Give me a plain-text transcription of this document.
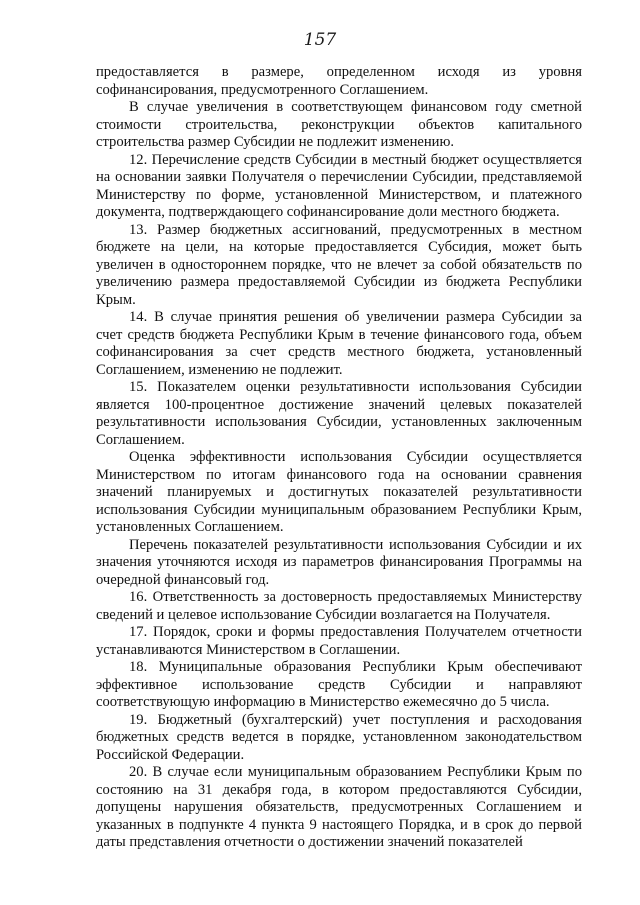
157

предоставляется в размере, определенном исходя из уровня софинансирования, предусмотренного Соглашением.

В случае увеличения в соответствующем финансовом году сметной стоимости строительства, реконструкции объектов капитального строительства размер Субсидии не подлежит изменению.

12. Перечисление средств Субсидии в местный бюджет осуществляется на основании заявки Получателя о перечислении Субсидии, представляемой Министерству по форме, установленной Министерством, и платежного документа, подтверждающего софинансирование доли местного бюджета.

13. Размер бюджетных ассигнований, предусмотренных в местном бюджете на цели, на которые предоставляется Субсидия, может быть увеличен в одностороннем порядке, что не влечет за собой обязательств по увеличению размера предоставляемой Субсидии из бюджета Республики Крым.

14. В случае принятия решения об увеличении размера Субсидии за счет средств бюджета Республики Крым в течение финансового года, объем софинансирования за счет средств местного бюджета, установленный Соглашением, изменению не подлежит.

15. Показателем оценки результативности использования Субсидии является 100-процентное достижение значений целевых показателей результативности использования Субсидии, установленных заключенным Соглашением.

Оценка эффективности использования Субсидии осуществляется Министерством по итогам финансового года на основании сравнения значений планируемых и достигнутых показателей результативности использования Субсидии муниципальным образованием Республики Крым, установленных Соглашением.

Перечень показателей результативности использования Субсидии и их значения уточняются исходя из параметров финансирования Программы на очередной финансовый год.

16. Ответственность за достоверность предоставляемых Министерству сведений и целевое использование Субсидии возлагается на Получателя.

17. Порядок, сроки и формы предоставления Получателем отчетности устанавливаются Министерством в Соглашении.

18. Муниципальные образования Республики Крым обеспечивают эффективное использование средств Субсидии и направляют соответствующую информацию в Министерство ежемесячно до 5 числа.

19. Бюджетный (бухгалтерский) учет поступления и расходования бюджетных средств ведется в порядке, установленном законодательством Российской Федерации.

20. В случае если муниципальным образованием Республики Крым по состоянию на 31 декабря года, в котором предоставляются Субсидии, допущены нарушения обязательств, предусмотренных Соглашением и указанных в подпункте 4 пункта 9 настоящего Порядка, и в срок до первой даты представления отчетности о достижении значений показателей
